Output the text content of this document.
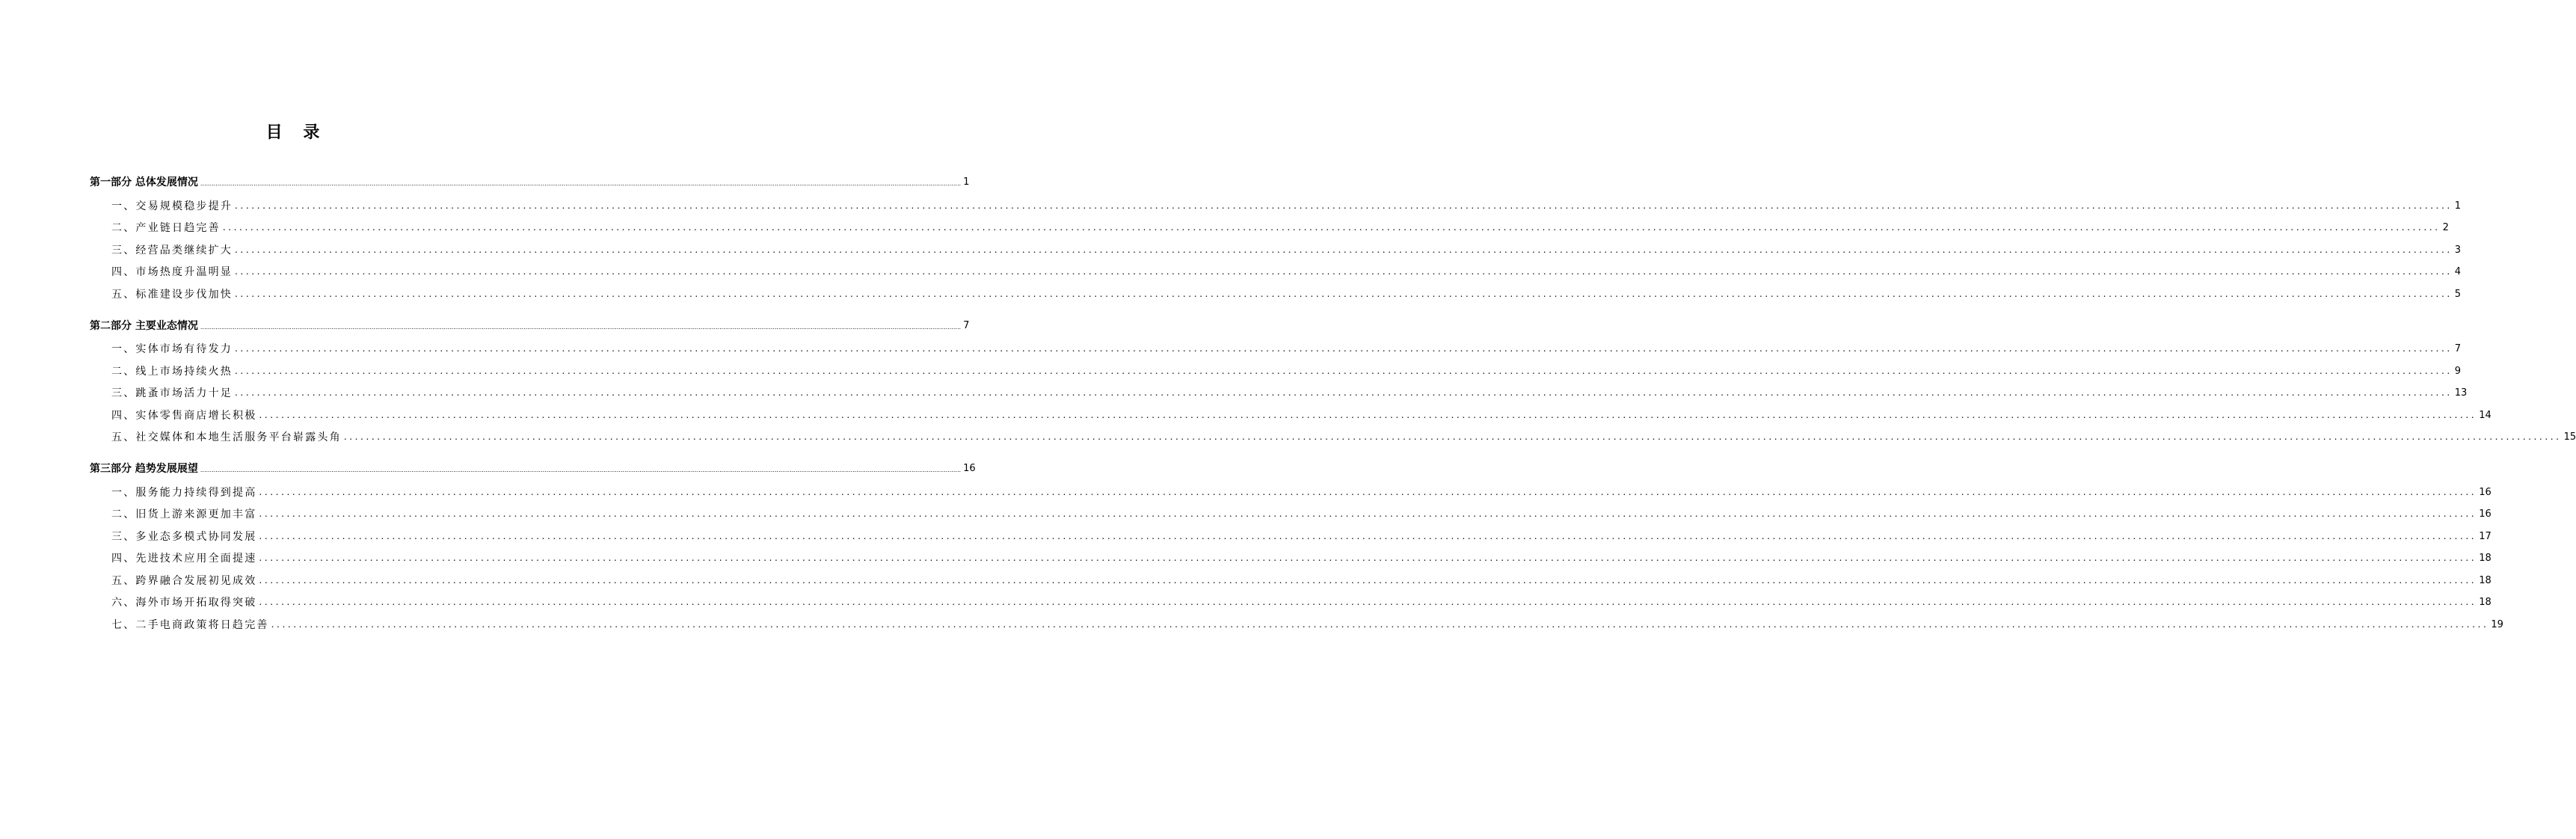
目 录
第一部分 总体发展情况 ................................................................................................................................................................................................................................................................................................................................................................................................................ 1
一、交易规模稳步提升 ................................................................................................................................................................................................................................................................................................................................................................................................................ 1
二、产业链日趋完善 ................................................................................................................................................................................................................................................................................................................................................................................................................ 2
三、经营品类继续扩大 ................................................................................................................................................................................................................................................................................................................................................................................................................ 3
四、市场热度升温明显 ................................................................................................................................................................................................................................................................................................................................................................................................................ 4
五、标准建设步伐加快 ................................................................................................................................................................................................................................................................................................................................................................................................................ 5
第二部分 主要业态情况 ................................................................................................................................................................................................................................................................................................................................................................................................................ 7
一、实体市场有待发力 ................................................................................................................................................................................................................................................................................................................................................................................................................ 7
二、线上市场持续火热 ................................................................................................................................................................................................................................................................................................................................................................................................................ 9
三、跳蚤市场活力十足 ................................................................................................................................................................................................................................................................................................................................................................................................................ 13
四、实体零售商店增长积极 ................................................................................................................................................................................................................................................................................................................................................................................................................ 14
五、社交媒体和本地生活服务平台崭露头角 ................................................................................................................................................................................................................................................................................................................................................................................................................ 15
第三部分 趋势发展展望 ................................................................................................................................................................................................................................................................................................................................................................................................................ 16
一、服务能力持续得到提高 ................................................................................................................................................................................................................................................................................................................................................................................................................ 16
二、旧货上游来源更加丰富 ................................................................................................................................................................................................................................................................................................................................................................................................................ 16
三、多业态多模式协同发展 ................................................................................................................................................................................................................................................................................................................................................................................................................ 17
四、先进技术应用全面提速 ................................................................................................................................................................................................................................................................................................................................................................................................................ 18
五、跨界融合发展初见成效 ................................................................................................................................................................................................................................................................................................................................................................................................................ 18
六、海外市场开拓取得突破 ................................................................................................................................................................................................................................................................................................................................................................................................................ 18
七、二手电商政策将日趋完善 ................................................................................................................................................................................................................................................................................................................................................................................................................ 19
